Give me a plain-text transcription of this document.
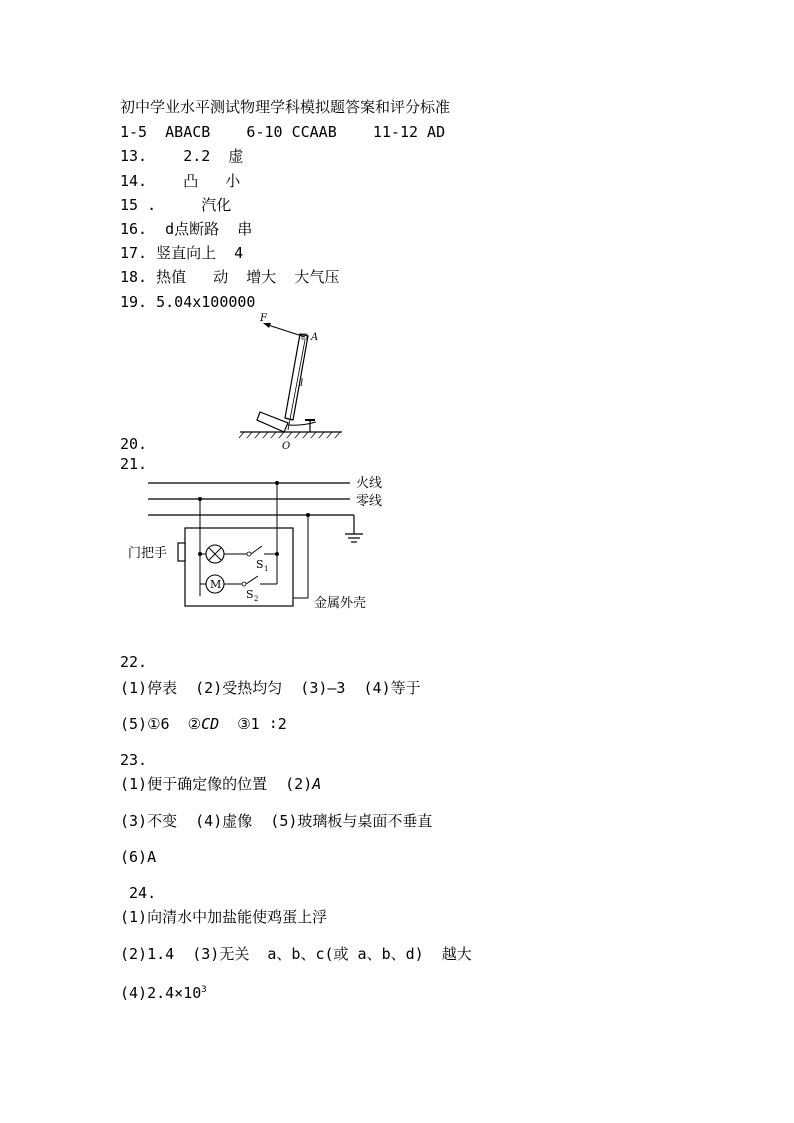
初中学业水平测试物理学科模拟题答案和评分标准
1-5  ABACB    6-10 CCAAB    11-12 AD
13.    2.2  虚
14.    凸   小
15 .     汽化
16.  d点断路  串
17. 竖直向上  4
18. 热值   动  增大  大气压
19. 5.04x100000
F
A
l
O
20.
21.
M
火线
零线
门把手
金属外壳
S 1
S 2
22.
(1)停表  (2)受热均匀  (3)—3  (4)等于
(5)①6  ②CD  ③1 ∶2
23.
(1)便于确定像的位置  (2)A
(3)不变  (4)虚像  (5)玻璃板与桌面不垂直
(6)A
24.
(1)向清水中加盐能使鸡蛋上浮
(2)1.4  (3)无关  a、b、c(或 a、b、d)  越大
$(4)2.4\times 10^3$
